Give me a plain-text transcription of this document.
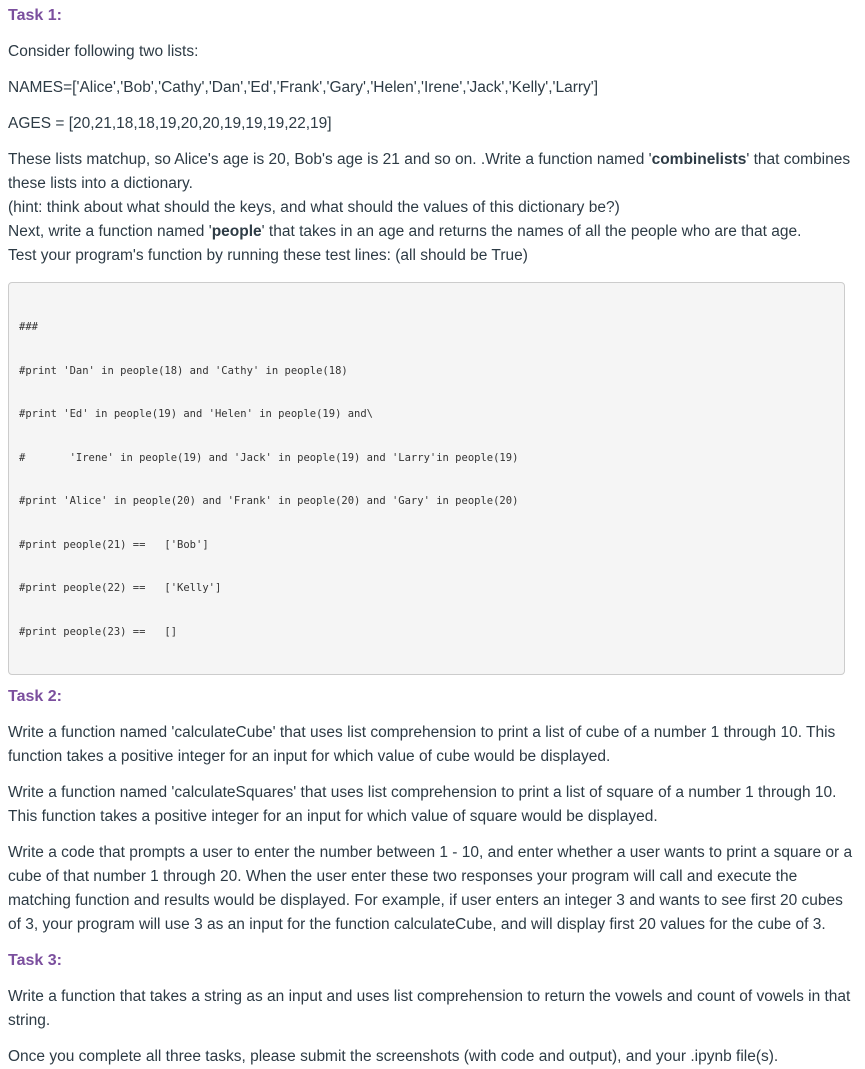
Task 1:

Consider following two lists:

NAMES=['Alice','Bob','Cathy','Dan','Ed','Frank','Gary','Helen','Irene','Jack','Kelly','Larry']

AGES = [20,21,18,18,19,20,20,19,19,19,22,19]

These lists matchup, so Alice's age is 20, Bob's age is 21 and so on. .Write a function named 'combinelists' that combines these lists into a dictionary.

(hint: think about what should the keys, and what should the values of this dictionary be?)

Next, write a function named 'people' that takes in an age and returns the names of all the people who are that age.

Test your program's function by running these test lines: (all should be True)

###

#print 'Dan' in people(18) and 'Cathy' in people(18)

#print 'Ed' in people(19) and 'Helen' in people(19) and\

#       'Irene' in people(19) and 'Jack' in people(19) and 'Larry'in people(19)

#print 'Alice' in people(20) and 'Frank' in people(20) and 'Gary' in people(20)

#print people(21) ==   ['Bob']

#print people(22) ==   ['Kelly']

#print people(23) ==   []

Task 2:

Write a function named 'calculateCube' that uses list comprehension to print a list of cube of a number 1 through 10. This function takes a positive integer for an input for which value of cube would be displayed.

Write a function named 'calculateSquares' that uses list comprehension to print a list of square of a number 1 through 10. This function takes a positive integer for an input for which value of square would be displayed.

Write a code that prompts a user to enter the number between 1 - 10, and enter whether a user wants to print a square or a cube of that number 1 through 20. When the user enter these two responses your program will call and execute the matching function and results would be displayed. For example, if user enters an integer 3 and wants to see first 20 cubes of 3, your program will use 3 as an input for the function calculateCube, and will display first 20 values for the cube of 3.

Task 3:

Write a function that takes a string as an input and uses list comprehension to return the vowels and count of vowels in that string.

Once you complete all three tasks, please submit the screenshots (with code and output), and your .ipynb file(s).
